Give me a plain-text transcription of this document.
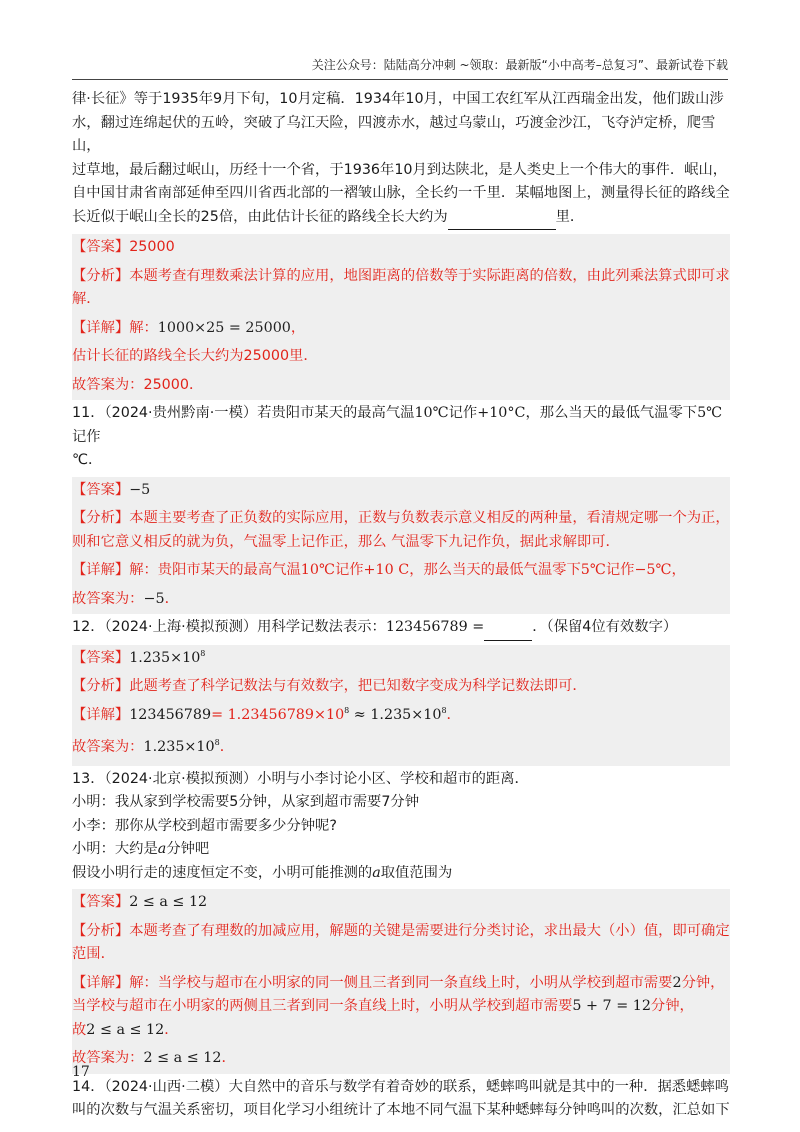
关注公众号：陆陆高分冲刺 ~领取：最新版“小中高考–总复习”、最新试卷下载

律·长征》等于1935年9月下旬，10月定稿．1934年10月，中国工农红军从江西瑞金出发，他们跋山涉

水，翻过连绵起伏的五岭，突破了乌江天险，四渡赤水，越过乌蒙山，巧渡金沙江，飞夺泸定桥，爬雪山，

过草地，最后翻过岷山，历经十一个省，于1936年10月到达陕北，是人类史上一个伟大的事件．岷山，

自中国甘肃省南部延伸至四川省西北部的一褶皱山脉，全长约一千里．某幅地图上，测量得长征的路线全

长近似于岷山全长的25倍，由此估计长征的路线全长大约为	里．

【答案】25000

【分析】本题考查有理数乘法计算的应用，地图距离的倍数等于实际距离的倍数，由此列乘法算式即可求
解．

【详解】解：1000×25 = 25000，

估计长征的路线全长大约为25000里．

故答案为：25000．

11．（2024·贵州黔南·一模）若贵阳市某天的最高气温10℃记作+10°C，那么当天的最低气温零下5℃记作

℃．

【答案】−5

【分析】本题主要考查了正负数的实际应用，正数与负数表示意义相反的两种量，看清规定哪一个为正，
则和它意义相反的就为负，气温零上记作正，那么 气温零下九记作负，据此求解即可．

【详解】解：贵阳市某天的最高气温10℃记作+10 C，那么当天的最低气温零下5℃记作−5℃，

故答案为：−5．

12．（2024·上海·模拟预测）用科学记数法表示：123456789 =	．（保留4位有效数字）

【答案】$1.235\times 10^8$

【分析】此题考查了科学记数法与有效数字，把已知数字变成为科学记数法即可．

【详解】$123456789= 1.23456789\times 10^8 \approx 1.235\times 10^8$．

故答案为：$1.235\times 10^8$．

13．（2024·北京·模拟预测）小明与小李讨论小区、学校和超市的距离．

小明：我从家到学校需要5分钟，从家到超市需要7分钟

小李：那你从学校到超市需要多少分钟呢?

小明：大约是a分钟吧

假设小明行走的速度恒定不变，小明可能推测的a取值范围为

【答案】2 ≤ a ≤ 12

【分析】本题考查了有理数的加减应用，解题的关键是需要进行分类讨论，求出最大（小）值，即可确定
范围．

【详解】解：当学校与超市在小明家的同一侧且三者到同一条直线上时，小明从学校到超市需要2分钟，
当学校与超市在小明家的两侧且三者到同一条直线上时，小明从学校到超市需要5 + 7 = 12分钟，
故2 ≤ a ≤ 12．

故答案为：2 ≤ a ≤ 12．

14．（2024·山西·二模）大自然中的音乐与数学有着奇妙的联系，蟋蟀鸣叫就是其中的一种．据悉蟋蟀鸣

叫的次数与气温关系密切，项目化学习小组统计了本地不同气温下某种蟋蟀每分钟鸣叫的次数，汇总如下

17
